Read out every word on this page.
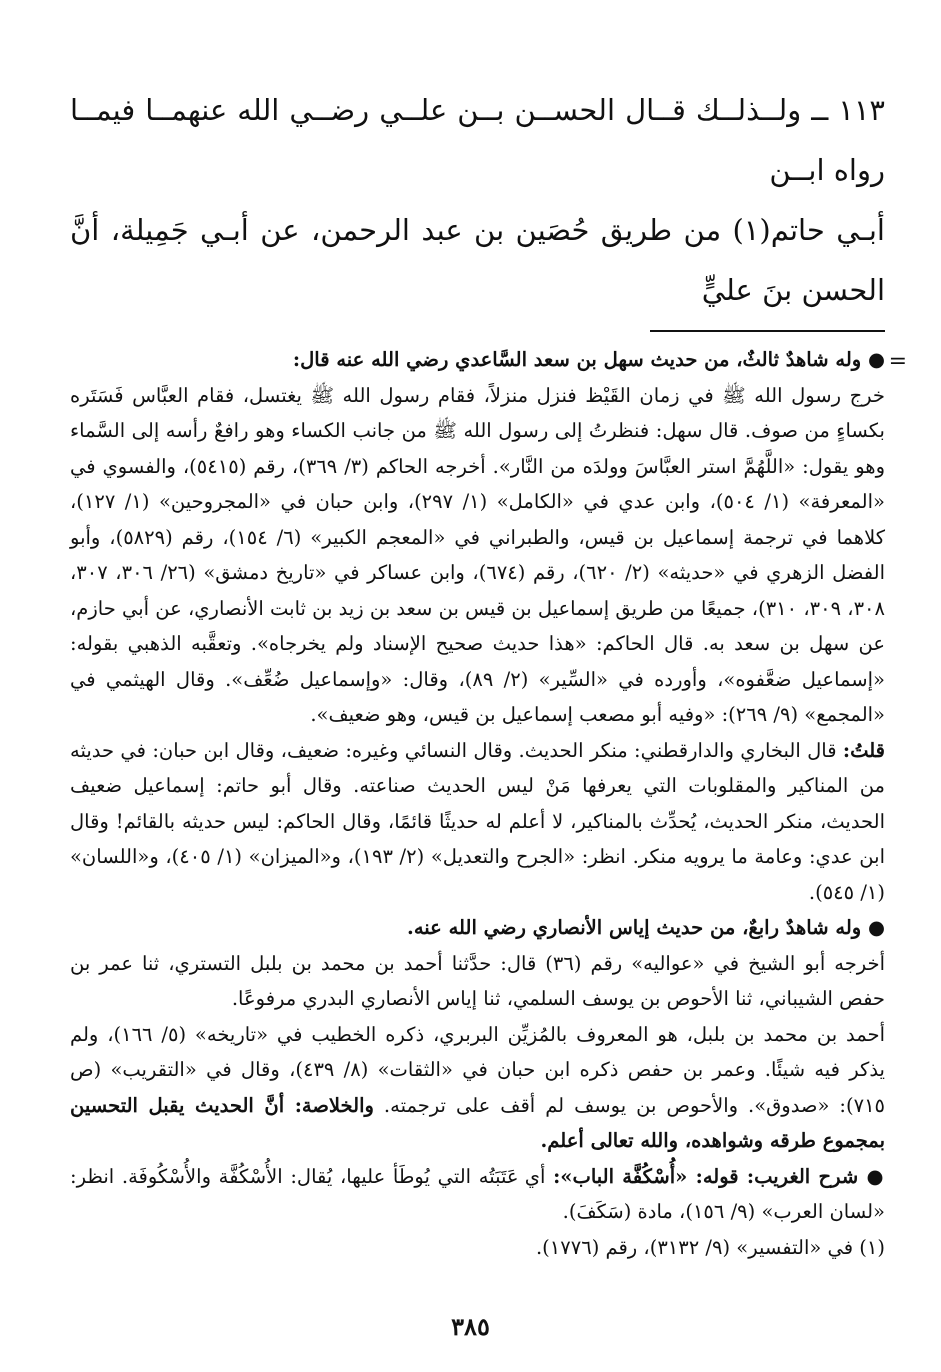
١١٣ ــ ولــذلــك قــال الحســن بــن علــي رضــي الله عنهمــا فيمــا رواه ابــن

أبـي حاتم(١) من طريق حُصَين بن عبد الرحمن، عن أبـي جَمِيلة، أنَّ الحسن بنَ عليٍّ

=

● وله شاهدٌ ثالثٌ، من حديث سهل بن سعد السَّاعدي رضي الله عنه قال:

خرج رسول الله ﷺ في زمان القَيْظ فنزل منزلاً، فقام رسول الله ﷺ يغتسل، فقام العبَّاس فَسَتَره بكساءٍ من صوف. قال سهل: فنظرتُ إلى رسول الله ﷺ من جانب الكساء وهو رافعٌ رأسه إلى السَّماء وهو يقول: «اللَّهُمَّ استر العبَّاسَ وولدَه من النَّار». أخرجه الحاكم (٣/ ٣٦٩)، رقم (٥٤١٥)، والفسوي في «المعرفة» (١/ ٥٠٤)، وابن عدي في «الكامل» (١/ ٢٩٧)، وابن حبان في «المجروحين» (١/ ١٢٧)، كلاهما في ترجمة إسماعيل بن قيس، والطبراني في «المعجم الكبير» (٦/ ١٥٤)، رقم (٥٨٢٩)، وأبو الفضل الزهري في «حديثه» (٢/ ٦٢٠)، رقم (٦٧٤)، وابن عساكر في «تاريخ دمشق» (٢٦/ ٣٠٦، ٣٠٧، ٣٠٨، ٣٠٩، ٣١٠)، جميعًا من طريق إسماعيل بن قيس بن سعد بن زيد بن ثابت الأنصاري، عن أبي حازم، عن سهل بن سعد به. قال الحاكم: «هذا حديث صحيح الإسناد ولم يخرجاه». وتعقَّبه الذهبي بقوله: «إسماعيل ضعَّفوه»، وأورده في «السِّير» (٢/ ٨٩)، وقال: «وإسماعيل ضُعِّف». وقال الهيثمي في «المجمع» (٩/ ٢٦٩): «وفيه أبو مصعب إسماعيل بن قيس، وهو ضعيف».

قلتُ: قال البخاري والدارقطني: منكر الحديث. وقال النسائي وغيره: ضعيف، وقال ابن حبان: في حديثه من المناكير والمقلوبات التي يعرفها مَنْ ليس الحديث صناعته. وقال أبو حاتم: إسماعيل ضعيف الحديث، منكر الحديث، يُحدِّث بالمناكير، لا أعلم له حديثًا قائمًا، وقال الحاكم: ليس حديثه بالقائم! وقال ابن عدي: وعامة ما يرويه منكر. انظر: «الجرح والتعديل» (٢/ ١٩٣)، و«الميزان» (١/ ٤٠٥)، و«اللسان» (١/ ٥٤٥).

● وله شاهدٌ رابعٌ، من حديث إياس الأنصاري رضي الله عنه.

أخرجه أبو الشيخ في «عواليه» رقم (٣٦) قال: حدَّثنا أحمد بن محمد بن بلبل التستري، ثنا عمر بن حفص الشيباني، ثنا الأحوص بن يوسف السلمي، ثنا إياس الأنصاري البدري مرفوعًا.

أحمد بن محمد بن بلبل، هو المعروف بالمُزيِّن البربري، ذكره الخطيب في «تاريخه» (٥/ ١٦٦)، ولم يذكر فيه شيئًا. وعمر بن حفص ذكره ابن حبان في «الثقات» (٨/ ٤٣٩)، وقال في «التقريب» (ص ٧١٥): «صدوق». والأحوص بن يوسف لم أقف على ترجمته. والخلاصة: أنَّ الحديث يقبل التحسين بمجموع طرقه وشواهده، والله تعالى أعلم.

● شرح الغريب: قوله: «أُسْكُفَّة الباب»: أي عَتَبَتُه التي يُوطَأ عليها، يُقال: الأُسْكُفَّة والأُسْكُوفَة. انظر: «لسان العرب» (٩/ ١٥٦)، مادة (سَكَفَ).

(١) في «التفسير» (٩/ ٣١٣٢)، رقم (١٧٧٦).

٣٨٥
